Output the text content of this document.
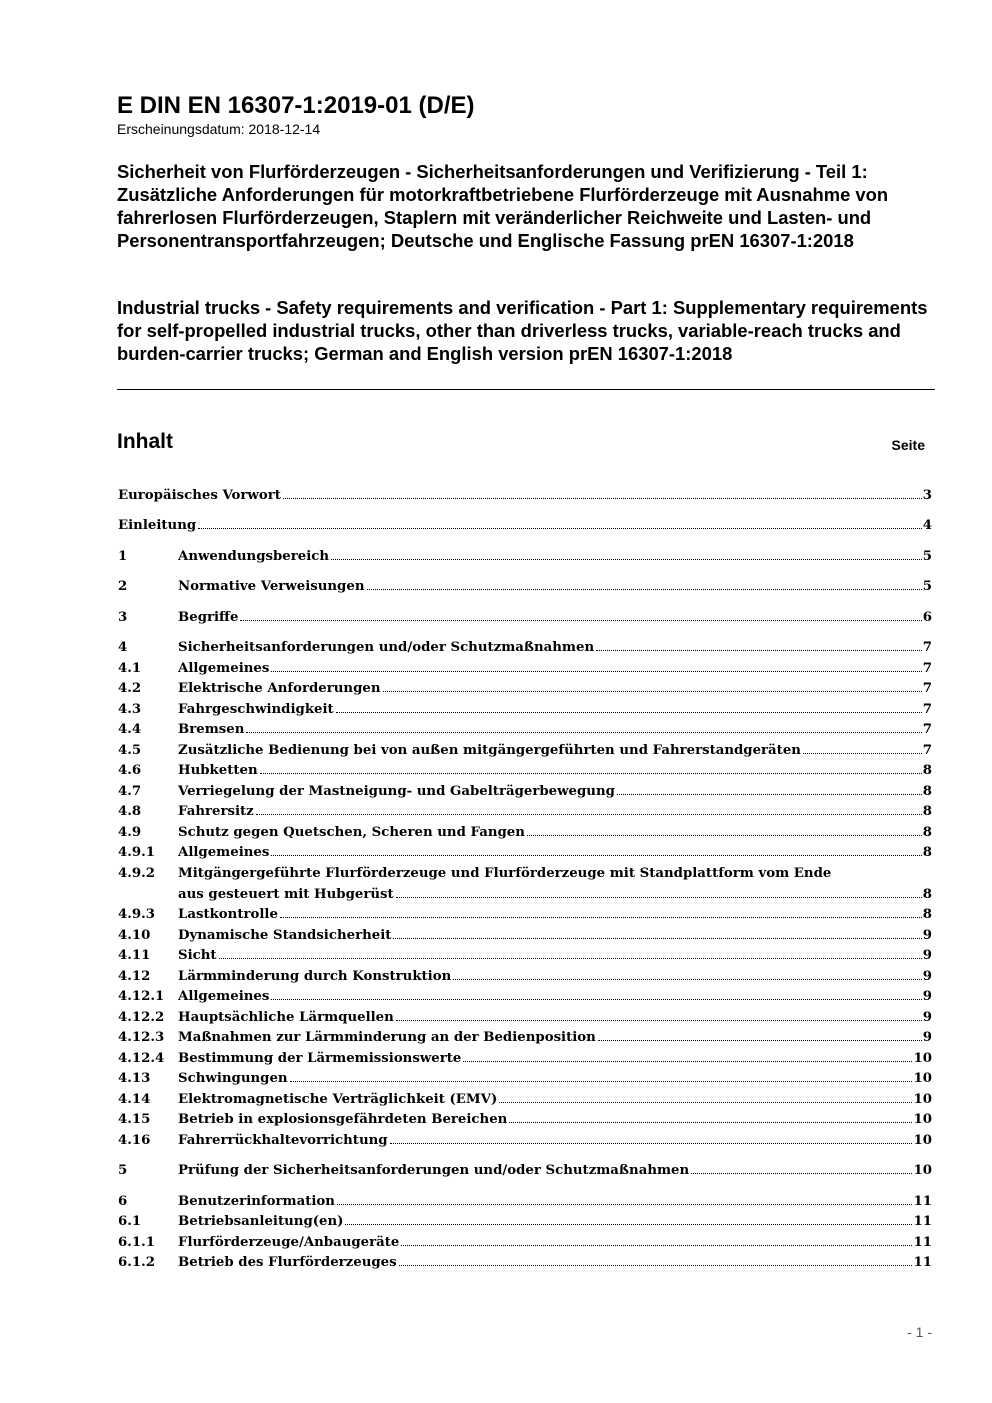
E DIN EN 16307-1:2019-01 (D/E)
Erscheinungsdatum: 2018-12-14

Sicherheit von Flurförderzeugen - Sicherheitsanforderungen und Verifizierung - Teil 1: Zusätzliche Anforderungen für motorkraftbetriebene Flurförderzeuge mit Ausnahme von fahrerlosen Flurförderzeugen, Staplern mit veränderlicher Reichweite und Lasten- und Personentransportfahrzeugen; Deutsche und Englische Fassung prEN 16307-1:2018

Industrial trucks - Safety requirements and verification - Part 1: Supplementary requirements for self-propelled industrial trucks, other than driverless trucks, variable-reach trucks and burden-carrier trucks; German and English version prEN 16307-1:2018

Inhalt	Seite
Europäisches Vorwort	3
Einleitung	4
1	Anwendungsbereich	5
2	Normative Verweisungen	5
3	Begriffe	6
4	Sicherheitsanforderungen und/oder Schutzmaßnahmen	7
4.1	Allgemeines	7
4.2	Elektrische Anforderungen	7
4.3	Fahrgeschwindigkeit	7
4.4	Bremsen	7
4.5	Zusätzliche Bedienung bei von außen mitgängergeführten und Fahrerstandgeräten	7
4.6	Hubketten	8
4.7	Verriegelung der Mastneigung- und Gabelträgerbewegung	8
4.8	Fahrersitz	8
4.9	Schutz gegen Quetschen, Scheren und Fangen	8
4.9.1	Allgemeines	8
4.9.2	Mitgängergeführte Flurförderzeuge und Flurförderzeuge mit Standplattform vom Ende
aus gesteuert mit Hubgerüst	8
4.9.3	Lastkontrolle	8
4.10	Dynamische Standsicherheit	9
4.11	Sicht	9
4.12	Lärmminderung durch Konstruktion	9
4.12.1	Allgemeines	9
4.12.2	Hauptsächliche Lärmquellen	9
4.12.3	Maßnahmen zur Lärmminderung an der Bedienposition	9
4.12.4	Bestimmung der Lärmemissionswerte	10
4.13	Schwingungen	10
4.14	Elektromagnetische Verträglichkeit (EMV)	10
4.15	Betrieb in explosionsgefährdeten Bereichen	10
4.16	Fahrerrückhaltevorrichtung	10
5	Prüfung der Sicherheitsanforderungen und/oder Schutzmaßnahmen	10
6	Benutzerinformation	11
6.1	Betriebsanleitung(en)	11
6.1.1	Flurförderzeuge/Anbaugeräte	11
6.1.2	Betrieb des Flurförderzeuges	11
- 1 -
